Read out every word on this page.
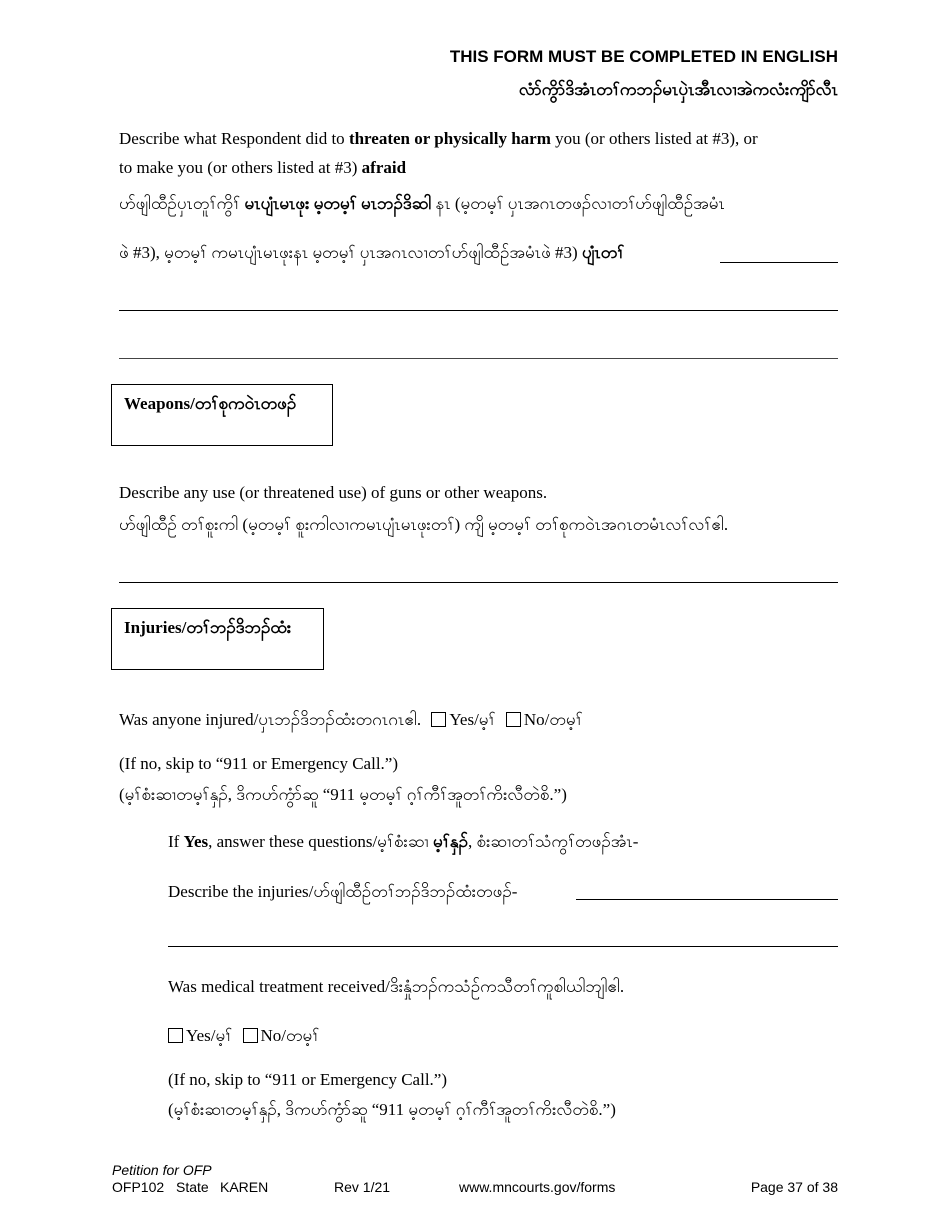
THIS FORM MUST BE COMPLETED IN ENGLISH
လံာ်ကွိာ်ဒိအံၤတၢ်ကဘၣ်မၤပှဲၤအီၤလၢအဲကလံးကျိာ်လီၤ
Describe what Respondent did to threaten or physically harm you (or others listed at #3), or
to make you (or others listed at #3) afraid
ဟ်ဖျါထီဉ်ပှၤတူၢ်ကွိၢ် မၤပျံၤမၤဖုး မ့တမ့ၢ် မၤဘၣ်ဒိဆါ နၤ (မ့တမ့ၢ် ပှၤအဂၤတဖၣ်လၢတၢ်ဟ်ဖျါထီဉ်အမံၤ
ဖဲ #3), မ့တမ့ၢ် ကမၤပျံၤမၤဖုးနၤ မ့တမ့ၢ် ပှၤအဂၤလၢတၢ်ဟ်ဖျါထီဉ်အမံၤဖဲ #3) ပျံၤတၢ်
Weapons/တၢ်စုကဝဲၤတဖၣ်
Describe any use (or threatened use) of guns or other weapons.
ဟ်ဖျါထီဉ် တၢ်စူးကါ (မ့တမ့ၢ် စူးကါလၢကမၤပျံၤမၤဖုးတၢ်) ကျိ မ့တမ့ၢ် တၢ်စုကဝဲၤအဂၤတမံၤလၢ်လၢ်ဧါ.
Injuries/တၢ်ဘၣ်ဒိဘၣ်ထံး
Was anyone injured/ပှၤဘၣ်ဒိဘၣ်ထံးတဂၤဂၤဧါ. Yes/မ့ၢ် No/တမ့ၢ်
(If no, skip to “911 or Emergency Call.”)
(မ့ၢ်စံးဆၢတမ့ၢ်နှၣ်, ဒိကဟ်ကွံာ်ဆူ “911 မ့တမ့ၢ် ဂ့ၢ်ကီၢ်အူတၢ်ကိးလီတဲစိ.”)
If Yes, answer these questions/မ့ၢ်စံးဆၢ မ့ၢ်နှၣ်, စံးဆၢတၢ်သံကွၢ်တဖၣ်အံၤ-
Describe the injuries/ဟ်ဖျါထီဉ်တၢ်ဘၣ်ဒိဘၣ်ထံးတဖၣ်-
Was medical treatment received/ဒိးနှုံဘၣ်ကသံဉ်ကသီတၢ်ကူစါယါဘျါဧါ.
Yes/မ့ၢ် No/တမ့ၢ်
(If no, skip to “911 or Emergency Call.”)
(မ့ၢ်စံးဆၢတမ့ၢ်နှၣ်, ဒိကဟ်ကွံာ်ဆူ “911 မ့တမ့ၢ် ဂ့ၢ်ကီၢ်အူတၢ်ကိးလီတဲစိ.”)
Petition for OFP
OFP102 State KAREN	Rev 1/21	www.mncourts.gov/forms	Page 37 of 38
